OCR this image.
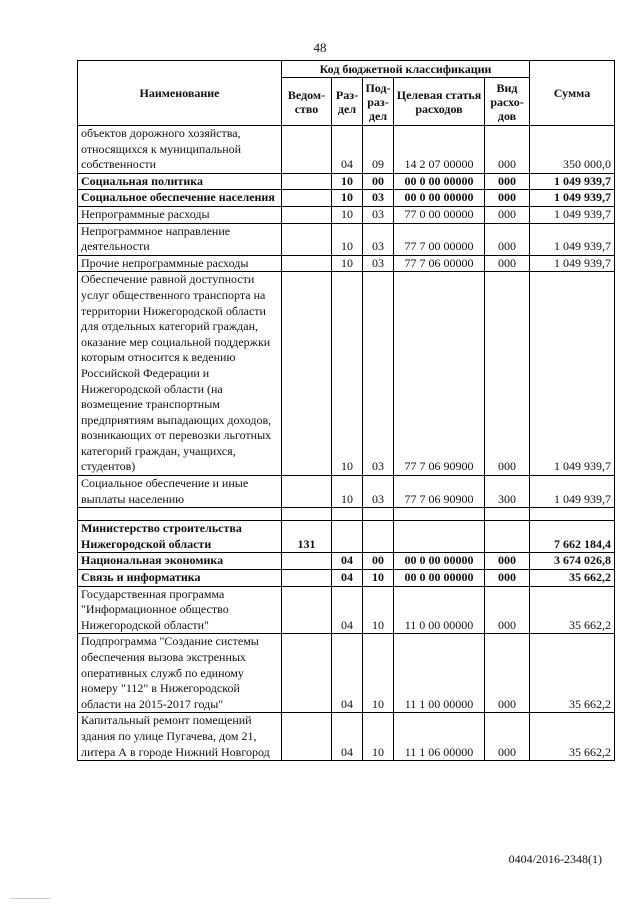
48
Наименование	Код бюджетной классификации					Сумма
	Ведом-ство	Раз-дел	Под-раз-дел	Целевая статья расходов	Вид расхо-дов	
объектов дорожного хозяйства, относящихся к муниципальной собственности		04	09	14 2 07 00000	000	350 000,0
Социальная политика		10	00	00 0 00 00000	000	1 049 939,7
Социальное обеспечение населения		10	03	00 0 00 00000	000	1 049 939,7
Непрограммные расходы		10	03	77 0 00 00000	000	1 049 939,7
Непрограммное направление деятельности		10	03	77 7 00 00000	000	1 049 939,7
Прочие непрограммные расходы		10	03	77 7 06 00000	000	1 049 939,7
Обеспечение равной доступности услуг общественного транспорта на территории Нижегородской области для отдельных категорий граждан, оказание мер социальной поддержки которым относится к ведению Российской Федерации и Нижегородской области (на возмещение транспортным предприятиям выпадающих доходов, возникающих от перевозки льготных категорий граждан, учащихся, студентов)		10	03	77 7 06 90900	000	1 049 939,7
Социальное обеспечение и иные выплаты населению		10	03	77 7 06 90900	300	1 049 939,7

Министерство строительства Нижегородской области	131					7 662 184,4
Национальная экономика		04	00	00 0 00 00000	000	3 674 026,8
Связь и информатика		04	10	00 0 00 00000	000	35 662,2
Государственная программа "Информационное общество Нижегородской области"		04	10	11 0 00 00000	000	35 662,2
Подпрограмма "Создание системы обеспечения вызова экстренных оперативных служб по единому номеру "112" в Нижегородской области на 2015-2017 годы"		04	10	11 1 00 00000	000	35 662,2
Капитальный ремонт помещений здания по улице Пугачева, дом 21, литера А в городе Нижний Новгород		04	10	11 1 06 00000	000	35 662,2
0404/2016-2348(1)
